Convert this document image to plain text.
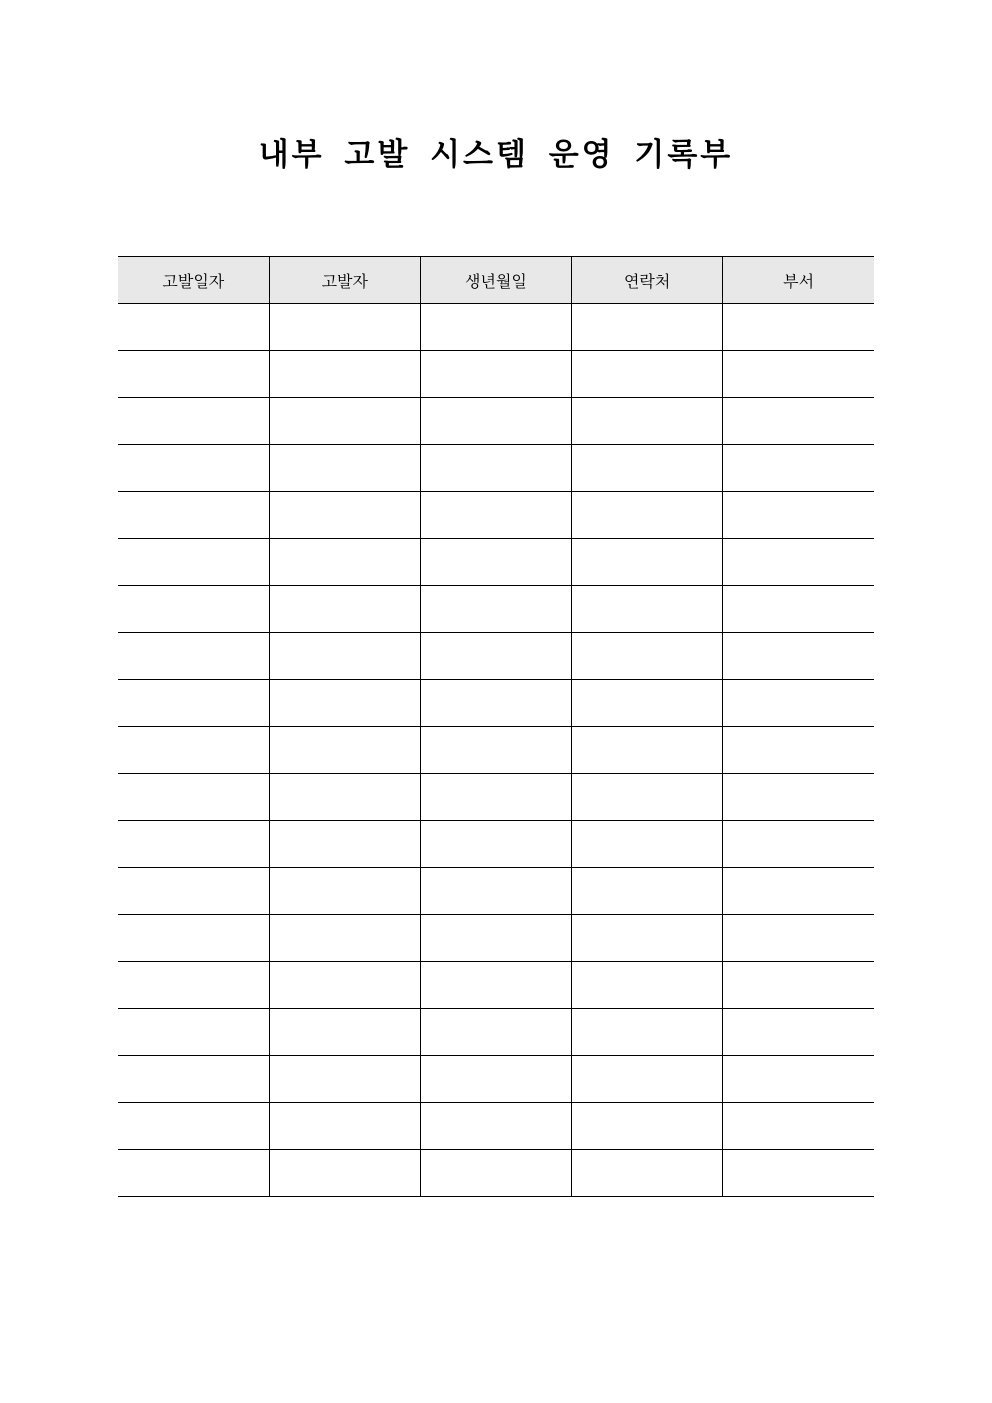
내부 고발 시스템 운영 기록부
고발일자	고발자	생년월일	연락처	부서
